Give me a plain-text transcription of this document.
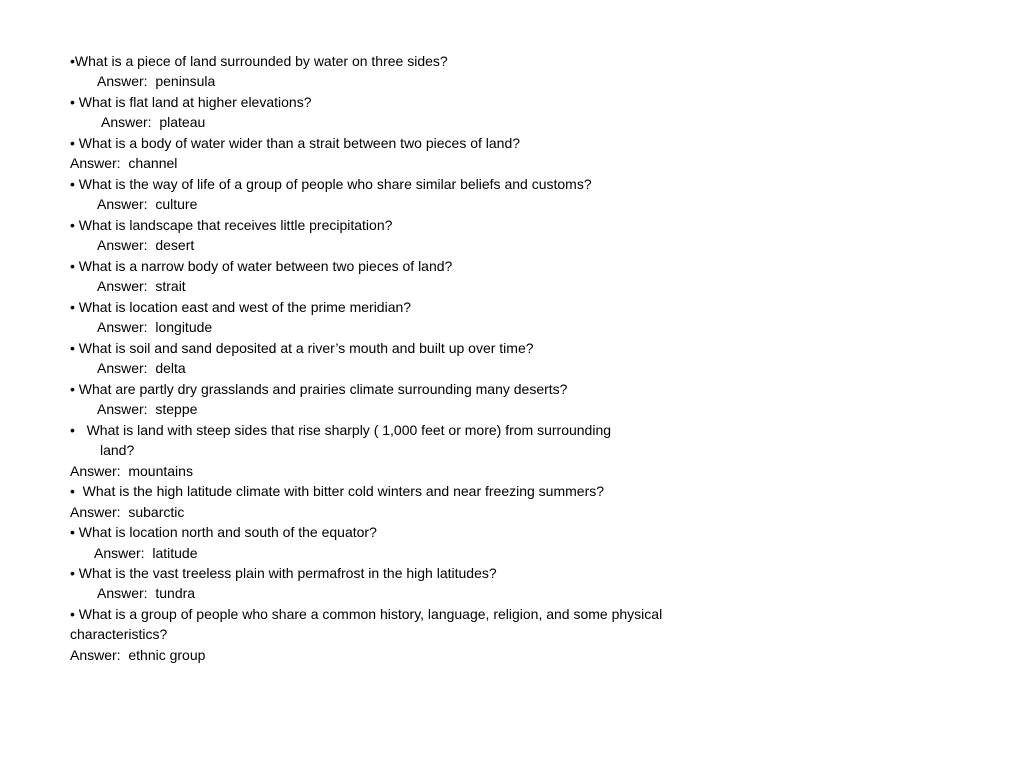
•What is a piece of land surrounded by water on three sides?
Answer:  peninsula
• What is flat land at higher elevations?
Answer:  plateau
• What is a body of water wider than a strait between two pieces of land?
Answer:  channel
• What is the way of life of a group of people who share similar beliefs and customs?
Answer:  culture
• What is landscape that receives little precipitation?
Answer:  desert
• What is a narrow body of water between two pieces of land?
Answer:  strait
• What is location east and west of the prime meridian?
Answer:  longitude
• What is soil and sand deposited at a river’s mouth and built up over time?
Answer:  delta
• What are partly dry grasslands and prairies climate surrounding many deserts?
Answer:  steppe
•   What is land with steep sides that rise sharply ( 1,000 feet or more) from surrounding
land?
Answer:  mountains
•  What is the high latitude climate with bitter cold winters and near freezing summers?
Answer:  subarctic
• What is location north and south of the equator?
Answer:  latitude
• What is the vast treeless plain with permafrost in the high latitudes?
Answer:  tundra
• What is a group of people who share a common history, language, religion, and some physical
characteristics?
Answer:  ethnic group
